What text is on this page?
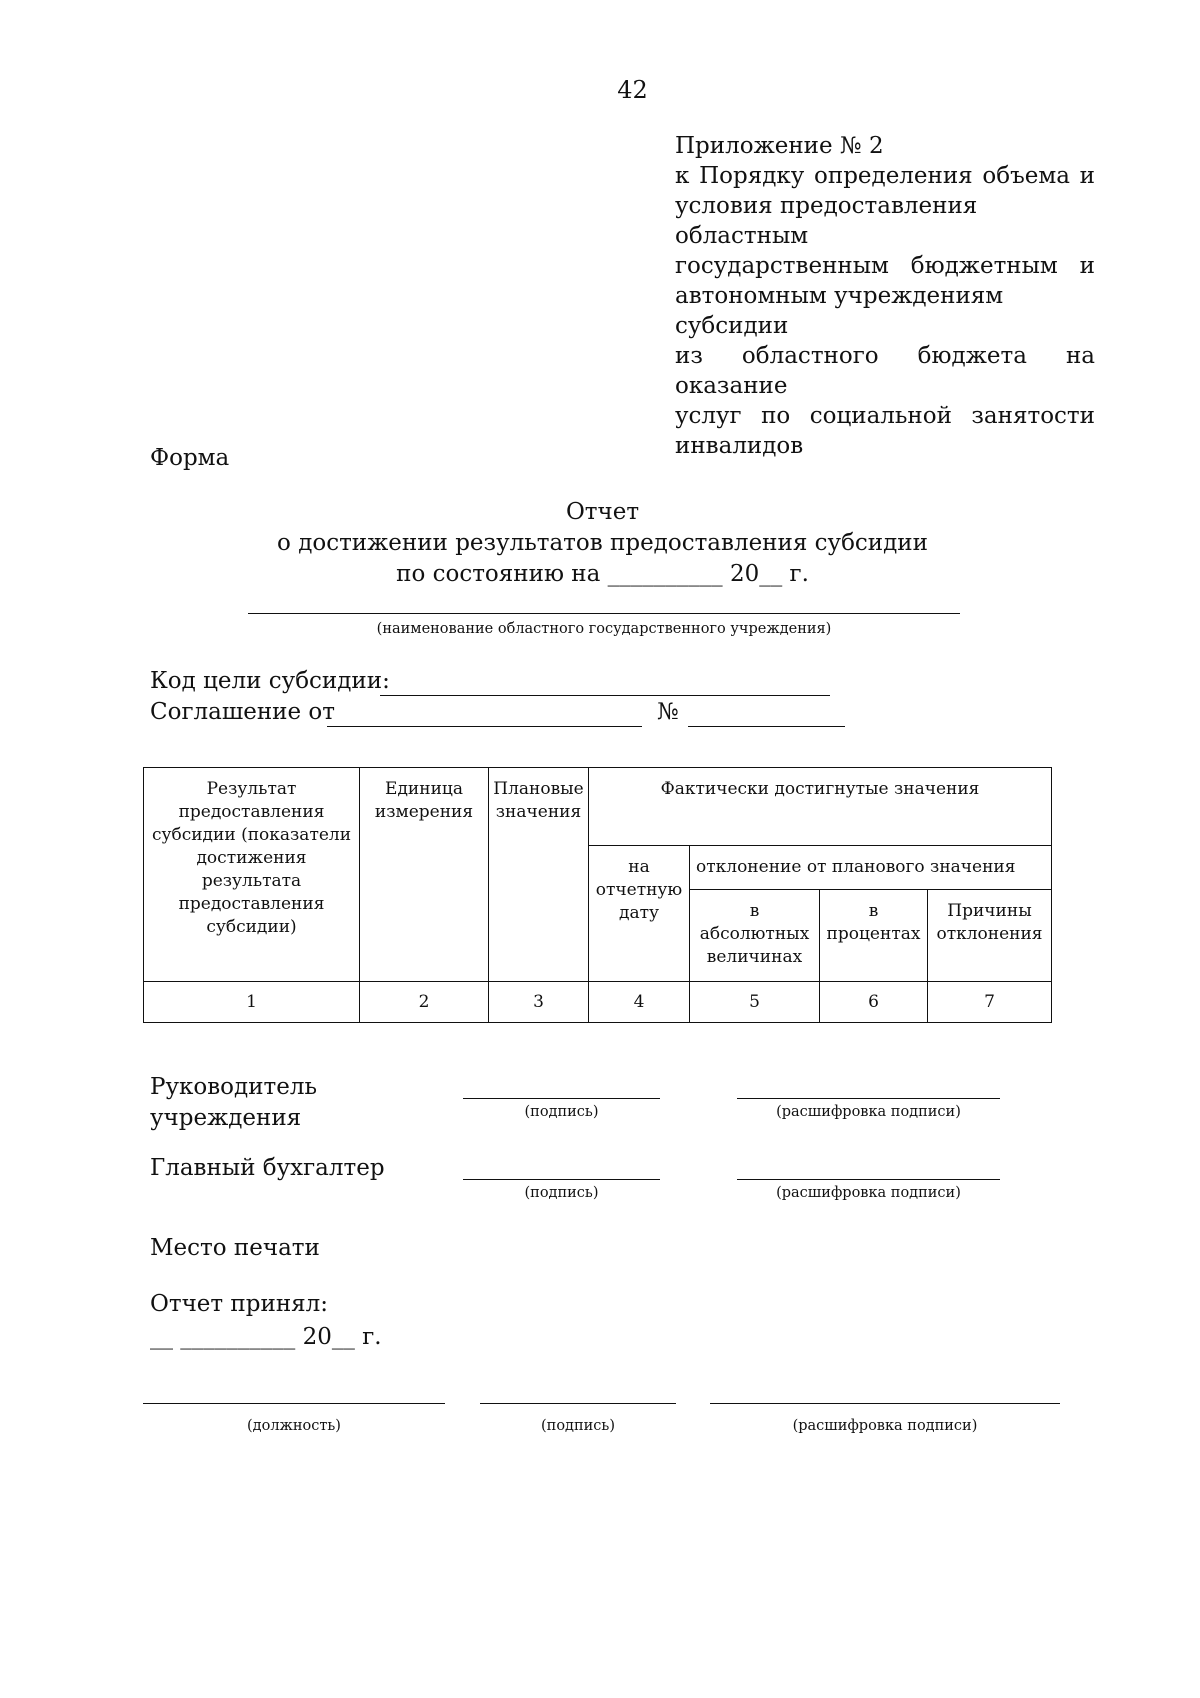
42
Приложение № 2
к Порядку определения объема и
условия предоставления областным
государственным бюджетным и
автономным учреждениям субсидии
из областного бюджета на оказание
услуг по социальной занятости
инвалидов
Форма
Отчет
о достижении результатов предоставления субсидии
по состоянию на __________ 20__ г.
(наименование областного государственного учреждения)
Код цели субсидии:
Соглашение от	№
Результат предоставления субсидии (показатели достижения результата предоставления субсидии)	Единица измерения	Плановые значения	Фактически достигнутые значения			
			на отчетную дату	отклонение от планового значения		
				в абсолютных величинах	в процентах	Причины отклонения
1	2	3	4	5	6	7
Руководитель учреждения	(подпись)	(расшифровка подписи)
Главный бухгалтер
(подпись)	(расшифровка подписи)
Место печати
Отчет принял:
__ __________ 20__ г.
(должность)	(подпись)	(расшифровка подписи)
